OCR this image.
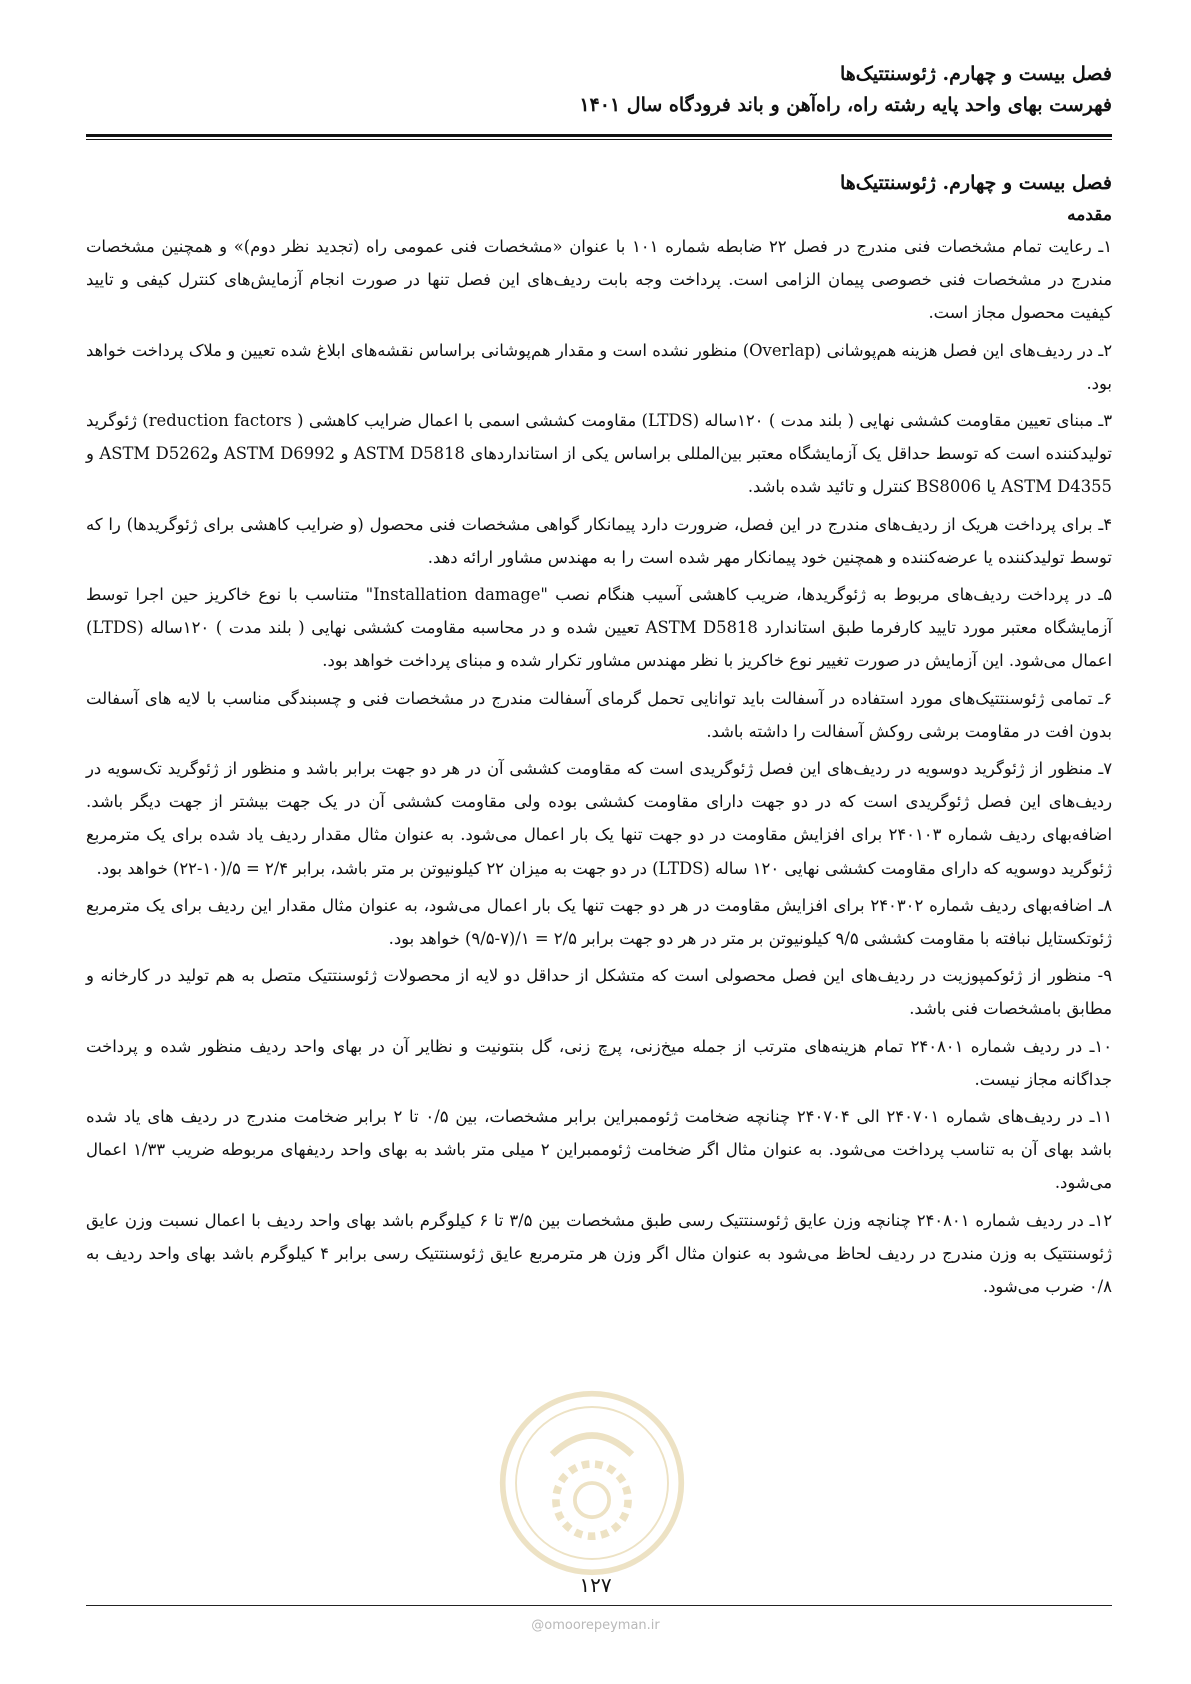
فصل بیست و چهارم. ژئوسنتتیک‌ها
فهرست بهای واحد پایه رشته راه، راه‌آهن و باند فرودگاه سال ۱۴۰۱
فصل بیست و چهارم. ژئوسنتتیک‌ها
مقدمه

۱ـ رعایت تمام مشخصات فنی مندرج در فصل ۲۲ ضابطه شماره ۱۰۱ با عنوان «مشخصات فنی عمومی راه (تجدید نظر دوم)» و همچنین مشخصات مندرج در مشخصات فنی خصوصی پیمان الزامی است. پرداخت وجه بابت ردیف‌های این فصل تنها در صورت انجام آزمایش‌های کنترل کیفی و تایید کیفیت محصول مجاز است.

۲ـ در ردیف‌های این فصل هزینه هم‌پوشانی (Overlap) منظور نشده است و مقدار هم‌پوشانی براساس نقشه‌های ابلاغ شده تعیین و ملاک پرداخت خواهد بود.

۳ـ مبنای تعیین مقاومت کششی نهایی ( بلند مدت ) ۱۲۰ساله (LTDS) مقاومت کششی اسمی با اعمال ضرایب کاهشی ( reduction factors) ژئوگرید تولیدکننده است که توسط حداقل یک آزمایشگاه معتبر بین‌المللی براساس یکی از استانداردهای ASTM D5818 و ASTM D6992 وASTM D5262 و ASTM D4355 یا BS8006 کنترل و تائید شده باشد.

۴ـ برای پرداخت هریک از ردیف‌های مندرج در این فصل، ضرورت دارد پیمانکار گواهی مشخصات فنی محصول (و ضرایب کاهشی برای ژئوگریدها) را که توسط تولیدکننده یا عرضه‌کننده و همچنین خود پیمانکار مهر شده است را به مهندس مشاور ارائه دهد.

۵ـ در پرداخت ردیف‌های مربوط به ژئوگریدها، ضریب کاهشی آسیب هنگام نصب "Installation damage" متناسب با نوع خاکریز حین اجرا توسط آزمایشگاه معتبر مورد تایید کارفرما طبق استاندارد ASTM D5818 تعیین شده و در محاسبه مقاومت کششی نهایی ( بلند مدت ) ۱۲۰ساله (LTDS) اعمال می‌شود. این آزمایش در صورت تغییر نوع خاکریز با نظر مهندس مشاور تکرار شده و مبنای پرداخت خواهد بود.

۶ـ تمامی ژئوسنتتیک‌های مورد استفاده در آسفالت باید توانایی تحمل گرمای آسفالت مندرج در مشخصات فنی و چسبندگی مناسب با لایه های آسفالت بدون افت در مقاومت برشی روکش آسفالت را داشته باشد.

۷ـ منظور از ژئوگرید دوسویه در ردیف‌های این فصل ژئوگریدی است که مقاومت کششی آن در هر دو جهت برابر باشد و منظور از ژئوگرید تک‌سویه در ردیف‌های این فصل ژئوگریدی است که در دو جهت دارای مقاومت کششی بوده ولی مقاومت کششی آن در یک جهت بیشتر از جهت دیگر باشد. اضافه‌بهای ردیف شماره ۲۴۰۱۰۳ برای افزایش مقاومت در دو جهت تنها یک بار اعمال می‌شود. به عنوان مثال مقدار ردیف یاد شده برای یک مترمربع ژئوگرید دوسویه که دارای مقاومت کششی نهایی ۱۲۰ ساله (LTDS) در دو جهت به میزان ۲۲ کیلونیوتن بر متر باشد، برابر ۲/۴ = ۵/(۱۰-۲۲) خواهد بود.

۸ـ اضافه‌بهای ردیف شماره ۲۴۰۳۰۲ برای افزایش مقاومت در هر دو جهت تنها یک بار اعمال می‌شود، به عنوان مثال مقدار این ردیف برای یک مترمربع ژئوتکستایل نبافته با مقاومت کششی ۹/۵ کیلونیوتن بر متر در هر دو جهت برابر ۲/۵ = ۱/(۷-۹/۵) خواهد بود.

۹- منظور از ژئوکمپوزیت در ردیف‌های این فصل محصولی است که متشکل از حداقل دو لایه از محصولات ژئوسنتتیک متصل به هم تولید در کارخانه و مطابق بامشخصات فنی باشد.

۱۰ـ در ردیف شماره ۲۴۰۸۰۱ تمام هزینه‌های مترتب از جمله میخ‌زنی، پرچ زنی، گل بنتونیت و نظایر آن در بهای واحد ردیف منظور شده و پرداخت جداگانه مجاز نیست.

۱۱ـ در ردیف‌های شماره ۲۴۰۷۰۱ الی ۲۴۰۷۰۴ چنانچه ضخامت ژئوممبراین برابر مشخصات، بین ۰/۵ تا ۲ برابر ضخامت مندرج در ردیف های یاد شده باشد بهای آن به تناسب پرداخت می‌شود. به عنوان مثال اگر ضخامت ژئوممبراین ۲ میلی متر باشد به بهای واحد ردیفهای مربوطه ضریب ۱/۳۳ اعمال می‌شود.

۱۲ـ در ردیف شماره ۲۴۰۸۰۱ چنانچه وزن عایق ژئوسنتتیک رسی طبق مشخصات بین ۳/۵ تا ۶ کیلوگرم باشد بهای واحد ردیف با اعمال نسبت وزن عایق ژئوسنتتیک به وزن مندرج در ردیف لحاظ می‌شود به عنوان مثال اگر وزن هر مترمربع عایق ژئوسنتتیک رسی برابر ۴ کیلوگرم باشد بهای واحد ردیف به ۰/۸ ضرب می‌شود.

۱۲۷
@omoorepeyman.ir
